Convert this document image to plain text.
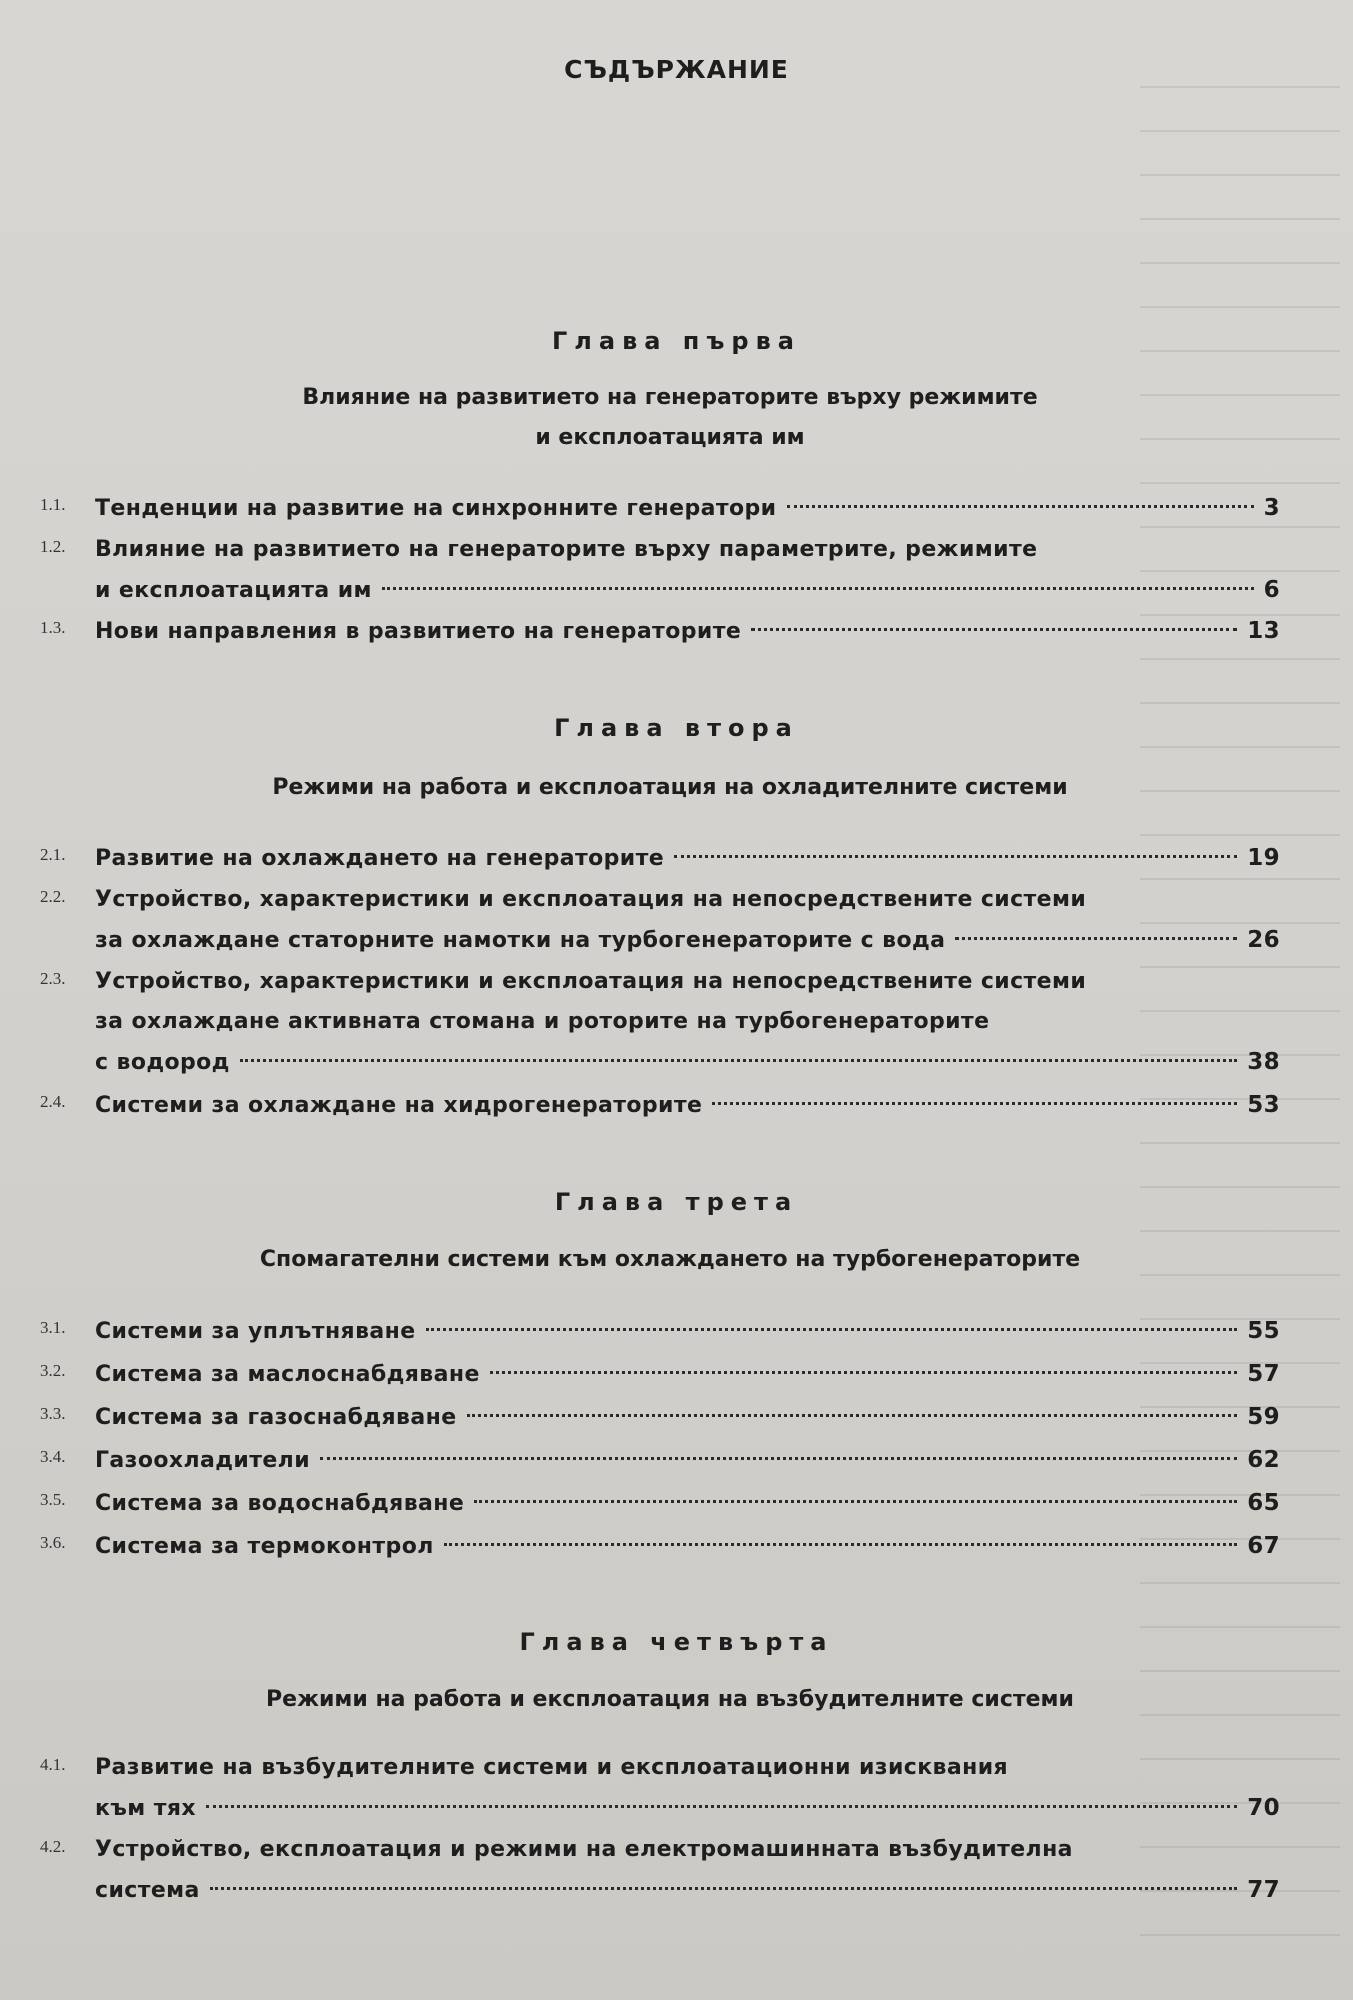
СЪДЪРЖАНИЕ
Глава първа
Влияние на развитието на генераторите върху режимите
и експлоатацията им
1.1. Тенденции на развитие на синхронните генератори	3
1.2. Влияние на развитието на генераторите върху параметрите, режимите
и експлоатацията им	6
1.3. Нови направления в развитието на генераторите	13
Глава втора
Режими на работа и експлоатация на охладителните системи
2.1. Развитие на охлаждането на генераторите	19
2.2. Устройство, характеристики и експлоатация на непосредствените системи
за охлаждане статорните намотки на турбогенераторите с вода	26
2.3. Устройство, характеристики и експлоатация на непосредствените системи
за охлаждане активната стомана и роторите на турбогенераторите
с водород	38
2.4. Системи за охлаждане на хидрогенераторите	53
Глава трета
Спомагателни системи към охлаждането на турбогенераторите
3.1. Системи за уплътняване	55
3.2. Система за маслоснабдяване	57
3.3. Система за газоснабдяване	59
3.4. Газоохладители	62
3.5. Система за водоснабдяване	65
3.6. Система за термоконтрол	67
Глава четвърта
Режими на работа и експлоатация на възбудителните системи
4.1. Развитие на възбудителните системи и експлоатационни изисквания
към тях	70
4.2. Устройство, експлоатация и режими на електромашинната възбудителна
система	77
